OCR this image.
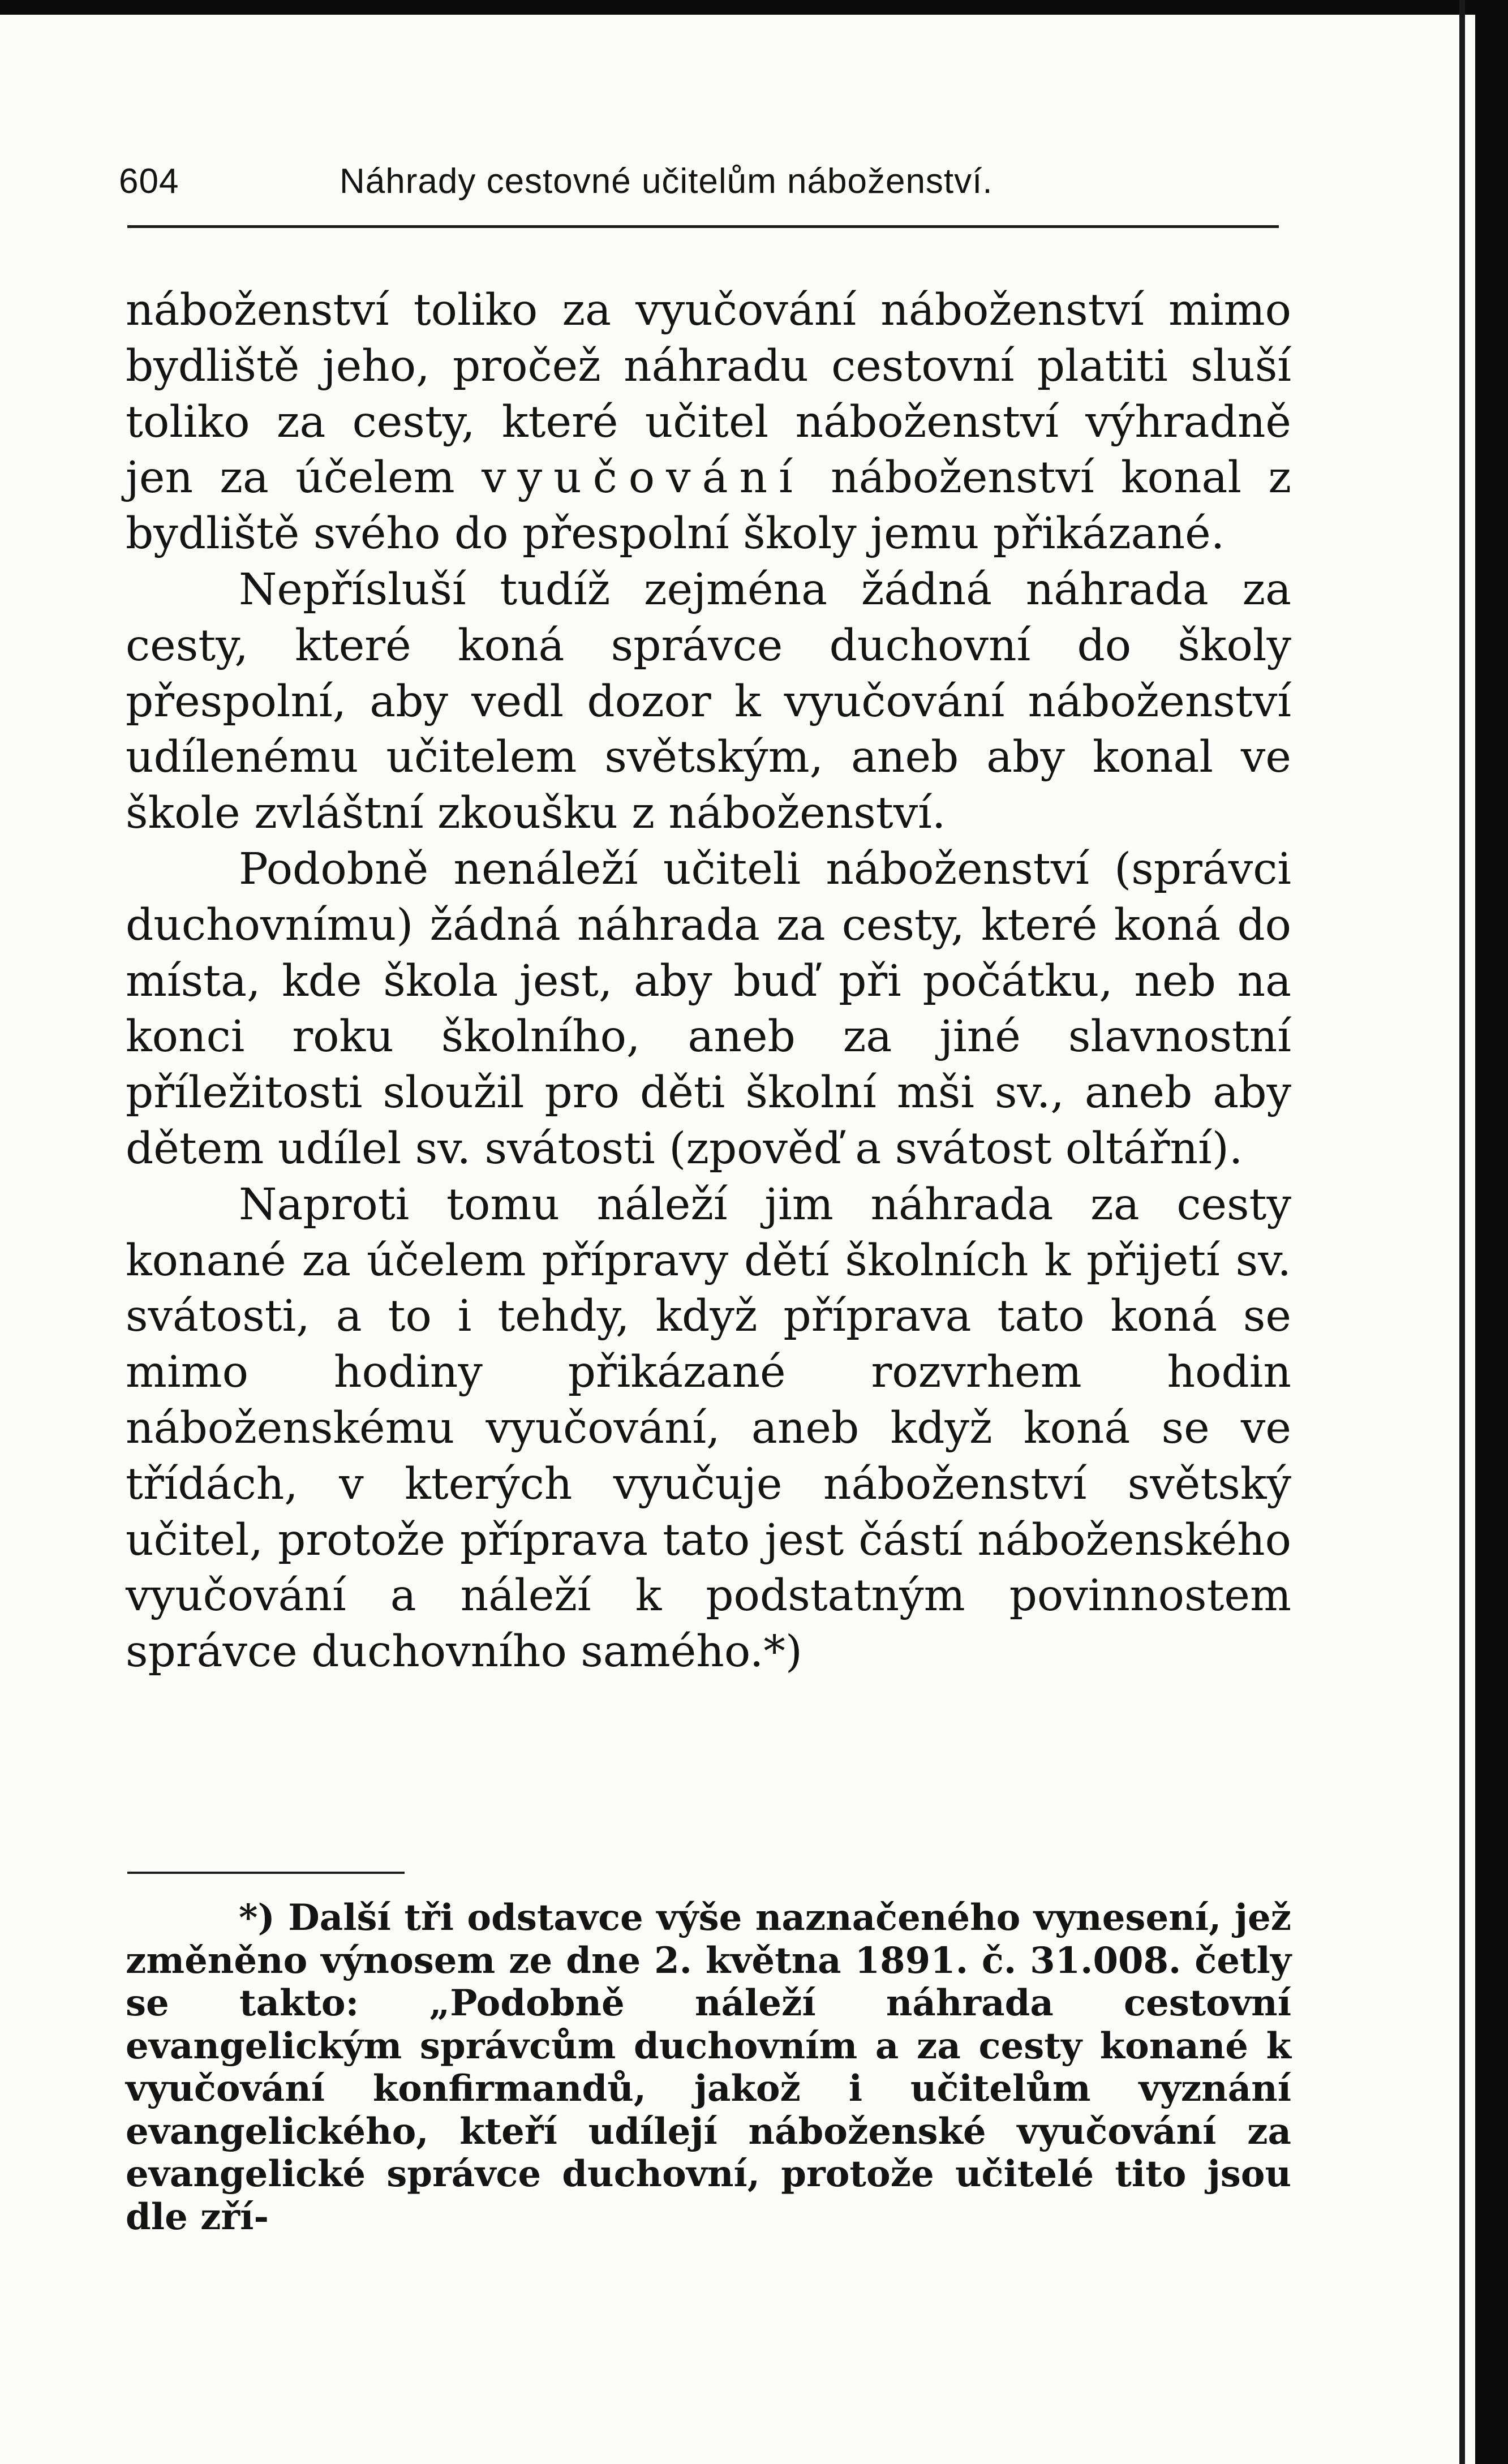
604	Náhrady cestovné učitelům náboženství.

náboženství toliko za vyučování náboženství mimo bydliště jeho, pročež náhradu cestovní platiti sluší toliko za cesty, které učitel náboženství výhradně jen za účelem vyučování náboženství konal z bydliště svého do přespolní školy jemu přikázané.

Nepřísluší tudíž zejména žádná náhrada za cesty, které koná správce duchovní do školy přespolní, aby vedl dozor k vyučování náboženství udílenému učitelem světským, aneb aby konal ve škole zvláštní zkoušku z náboženství.

Podobně nenáleží učiteli náboženství (správci duchovnímu) žádná náhrada za cesty, které koná do místa, kde škola jest, aby buď při počátku, neb na konci roku školního, aneb za jiné slavnostní příležitosti sloužil pro děti školní mši sv., aneb aby dětem udílel sv. svátosti (zpověď a svátost oltářní).

Naproti tomu náleží jim náhrada za cesty konané za účelem přípravy dětí školních k přijetí sv. svátosti, a to i tehdy, když příprava tato koná se mimo hodiny přikázané rozvrhem hodin náboženskému vyučování, aneb když koná se ve třídách, v kterých vyučuje náboženství světský učitel, protože příprava tato jest částí náboženského vyučování a náleží k podstatným povinnostem správce duchovního samého.*)

*) Další tři odstavce výše naznačeného vynesení, jež změněno výnosem ze dne 2. května 1891. č. 31.008. četly se takto: „Podobně náleží náhrada cestovní evangelickým správcům duchovním a za cesty konané k vyučování konfirmandů, jakož i učitelům vyznání evangelického, kteří udílejí náboženské vyučování za evangelické správce duchovní, protože učitelé tito jsou dle zří-
